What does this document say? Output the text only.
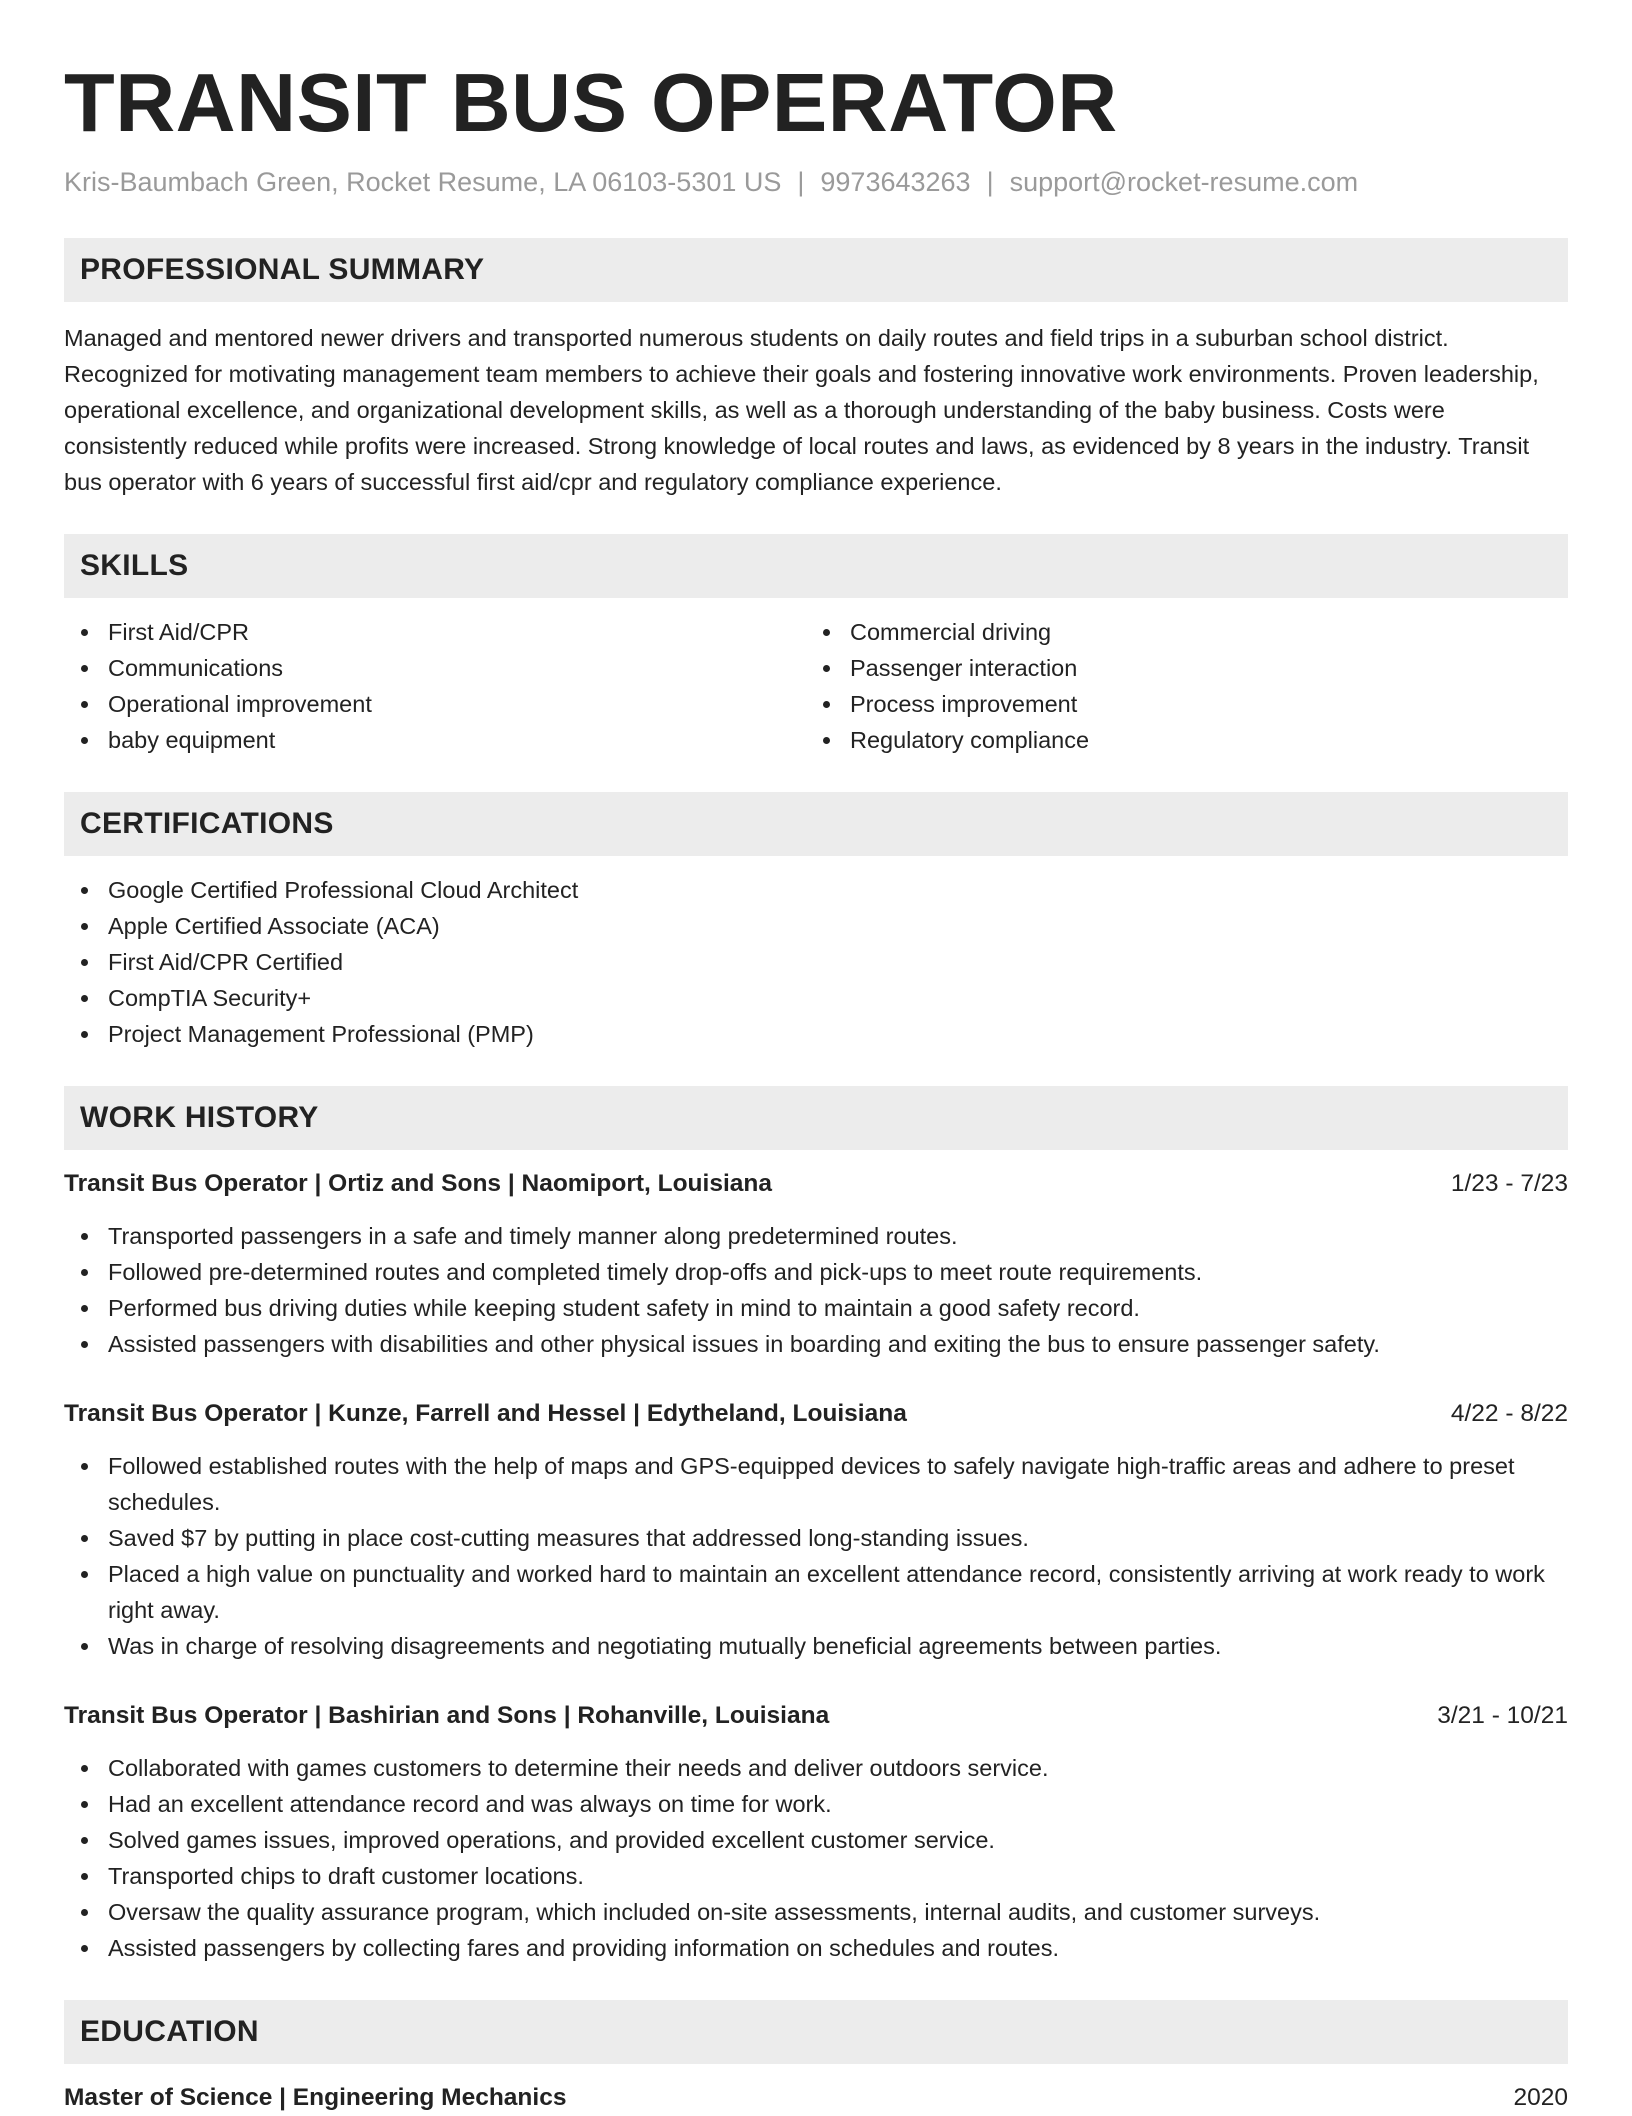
TRANSIT BUS OPERATOR
Kris-Baumbach Green, Rocket Resume, LA 06103-5301 US | 9973643263 | support@rocket-resume.com
PROFESSIONAL SUMMARY
Managed and mentored newer drivers and transported numerous students on daily routes and field trips in a suburban school district. Recognized for motivating management team members to achieve their goals and fostering innovative work environments. Proven leadership, operational excellence, and organizational development skills, as well as a thorough understanding of the baby business. Costs were consistently reduced while profits were increased. Strong knowledge of local routes and laws, as evidenced by 8 years in the industry. Transit bus operator with 6 years of successful first aid/cpr and regulatory compliance experience.
SKILLS
First Aid/CPR
Communications
Operational improvement
baby equipment
Commercial driving
Passenger interaction
Process improvement
Regulatory compliance
CERTIFICATIONS
Google Certified Professional Cloud Architect
Apple Certified Associate (ACA)
First Aid/CPR Certified
CompTIA Security+
Project Management Professional (PMP)
WORK HISTORY
Transit Bus Operator | Ortiz and Sons | Naomiport, Louisiana	1/23 - 7/23
Transported passengers in a safe and timely manner along predetermined routes.
Followed pre-determined routes and completed timely drop-offs and pick-ups to meet route requirements.
Performed bus driving duties while keeping student safety in mind to maintain a good safety record.
Assisted passengers with disabilities and other physical issues in boarding and exiting the bus to ensure passenger safety.
Transit Bus Operator | Kunze, Farrell and Hessel | Edytheland, Louisiana	4/22 - 8/22
Followed established routes with the help of maps and GPS-equipped devices to safely navigate high-traffic areas and adhere to preset schedules.
Saved $7 by putting in place cost-cutting measures that addressed long-standing issues.
Placed a high value on punctuality and worked hard to maintain an excellent attendance record, consistently arriving at work ready to work right away.
Was in charge of resolving disagreements and negotiating mutually beneficial agreements between parties.
Transit Bus Operator | Bashirian and Sons | Rohanville, Louisiana	3/21 - 10/21
Collaborated with games customers to determine their needs and deliver outdoors service.
Had an excellent attendance record and was always on time for work.
Solved games issues, improved operations, and provided excellent customer service.
Transported chips to draft customer locations.
Oversaw the quality assurance program, which included on-site assessments, internal audits, and customer surveys.
Assisted passengers by collecting fares and providing information on schedules and routes.
EDUCATION
Master of Science | Engineering Mechanics	2020
